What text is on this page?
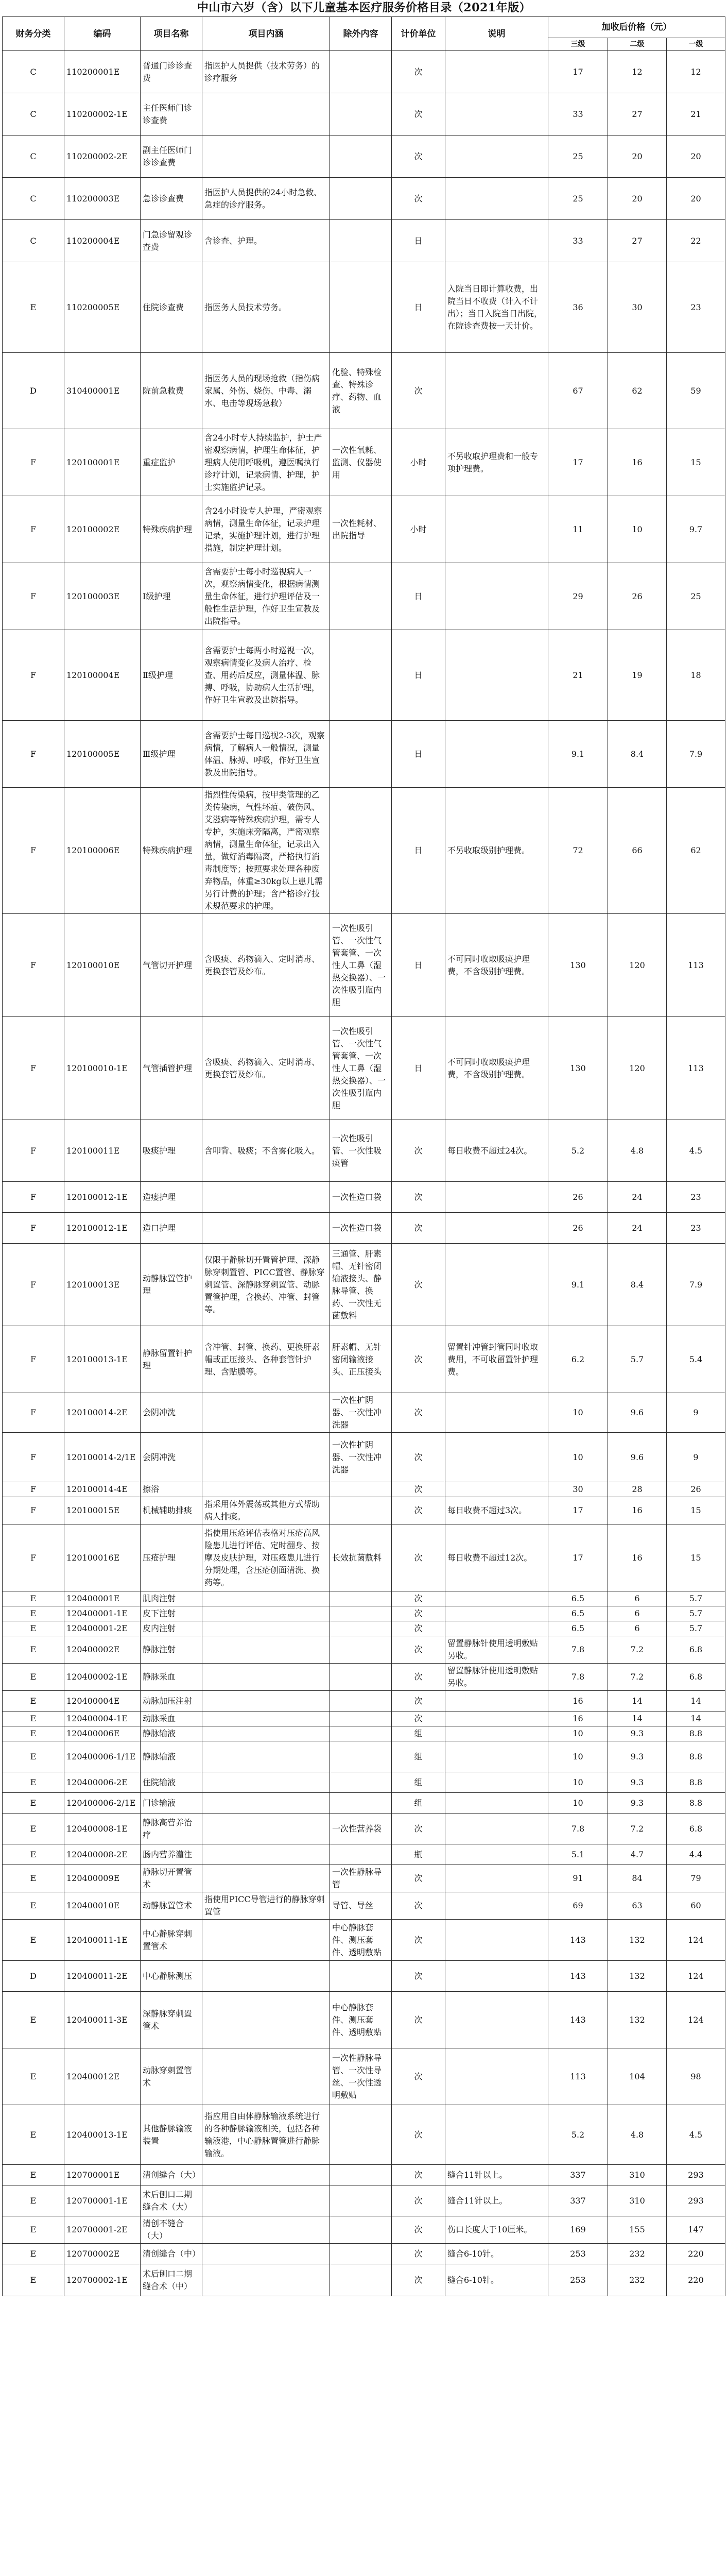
中山市六岁（含）以下儿童基本医疗服务价格目录（2021年版）
财务分类	编码	项目名称	项目内涵	除外内容	计价单位	说明	加收后价格（元）		
							三级	二级	一级
C	110200001E	普通门诊诊查费	指医护人员提供（技术劳务）的诊疗服务		次		17	12	12
C	110200002-1E	主任医师门诊诊查费			次		33	27	21
C	110200002-2E	副主任医师门诊诊查费			次		25	20	20
C	110200003E	急诊诊查费	指医护人员提供的24小时急救、急症的诊疗服务。		次		25	20	20
C	110200004E	门急诊留观诊查费	含诊查、护理。		日		33	27	22
E	110200005E	住院诊查费	指医务人员技术劳务。		日	入院当日即计算收费，出院当日不收费（计入不计出）；当日入院当日出院，在院诊查费按一天计价。	36	30	23
D	310400001E	院前急救费	指医务人员的现场抢救（指伤病家属、外伤、烧伤、中毒、溺水、电击等现场急救）	化验、特殊检查、特殊诊疗、药物、血液	次		67	62	59
F	120100001E	重症监护	含24小时专人持续监护，护士严密观察病情，护理生命体征，护理病人使用呼吸机，遵医嘱执行诊疗计划，记录病情、护理，护士实施监护记录。	一次性氧耗、监测、仪器使用	小时	不另收取护理费和一般专项护理费。	17	16	15
F	120100002E	特殊疾病护理	含24小时设专人护理，严密观察病情，测量生命体征，记录护理记录，实施护理计划，进行护理措施，制定护理计划。	一次性耗材、出院指导	小时		11	10	9.7
F	120100003E	Ⅰ级护理	含需要护士每小时巡视病人一次，观察病情变化，根据病情测量生命体征，进行护理评估及一般性生活护理，作好卫生宣教及出院指导。		日		29	26	25
F	120100004E	Ⅱ级护理	含需要护士每两小时巡视一次，观察病情变化及病人治疗、检查、用药后反应，测量体温、脉搏、呼吸，协助病人生活护理，作好卫生宣教及出院指导。		日		21	19	18
F	120100005E	Ⅲ级护理	含需要护士每日巡视2-3次，观察病情，了解病人一般情况，测量体温、脉搏、呼吸，作好卫生宣教及出院指导。		日		9.1	8.4	7.9
F	120100006E	特殊疾病护理	指烈性传染病，按甲类管理的乙类传染病，气性坏疽、破伤风、艾滋病等特殊疾病护理，需专人专护，实施床旁隔离，严密观察病情，测量生命体征，记录出入量，做好消毒隔离，严格执行消毒制度等；按照要求处理各种废弃物品，体重≥30kg以上患儿需另行计费的护理；含严格诊疗技术规范要求的护理。		日	不另收取级别护理费。	72	66	62
F	120100010E	气管切开护理	含吸痰、药物滴入、定时消毒、更换套管及纱布。	一次性吸引管、一次性气管套管、一次性人工鼻（湿热交换器）、一次性吸引瓶内胆	日	不可同时收取吸痰护理费，不含级别护理费。	130	120	113
F	120100010-1E	气管插管护理	含吸痰、药物滴入、定时消毒、更换套管及纱布。	一次性吸引管、一次性气管套管、一次性人工鼻（湿热交换器）、一次性吸引瓶内胆	日	不可同时收取吸痰护理费，不含级别护理费。	130	120	113
F	120100011E	吸痰护理	含叩背、吸痰；不含雾化吸入。	一次性吸引管、一次性吸痰管	次	每日收费不超过24次。	5.2	4.8	4.5
F	120100012-1E	造瘘护理		一次性造口袋	次		26	24	23
F	120100012-1E	造口护理		一次性造口袋	次		26	24	23
F	120100013E	动静脉置管护理	仅限于静脉切开置管护理、深静脉穿刺置管、PICC置管、静脉穿刺置管、深静脉穿刺置管、动脉置管护理，含换药、冲管、封管等。	三通管、肝素帽、无针密闭输液接头、静脉导管、换药、一次性无菌敷料	次		9.1	8.4	7.9
F	120100013-1E	静脉留置针护理	含冲管、封管、换药、更换肝素帽或正压接头、各种套管针护理、含贴膜等。	肝素帽、无针密闭输液接头、正压接头	次	留置针冲管封管同时收取费用，不可收留置针护理费。	6.2	5.7	5.4
F	120100014-2E	会阴冲洗		一次性扩阴器、一次性冲洗器	次		10	9.6	9
F	120100014-2/1E	会阴冲洗		一次性扩阴器、一次性冲洗器	次		10	9.6	9
F	120100014-4E	擦浴			次		30	28	26
F	120100015E	机械辅助排痰	指采用体外震荡或其他方式帮助病人排痰。		次	每日收费不超过3次。	17	16	15
F	120100016E	压疮护理	指使用压疮评估表格对压疮高风险患儿进行评估、定时翻身、按摩及皮肤护理，对压疮患儿进行分期处理，含压疮创面清洗、换药等。	长效抗菌敷料	次	每日收费不超过12次。	17	16	15
E	120400001E	肌肉注射			次		6.5	6	5.7
E	120400001-1E	皮下注射			次		6.5	6	5.7
E	120400001-2E	皮内注射			次		6.5	6	5.7
E	120400002E	静脉注射			次	留置静脉针使用透明敷贴另收。	7.8	7.2	6.8
E	120400002-1E	静脉采血			次	留置静脉针使用透明敷贴另收。	7.8	7.2	6.8
E	120400004E	动脉加压注射			次		16	14	14
E	120400004-1E	动脉采血			次		16	14	14
E	120400006E	静脉输液			组		10	9.3	8.8
E	120400006-1/1E	静脉输液			组		10	9.3	8.8
E	120400006-2E	住院输液			组		10	9.3	8.8
E	120400006-2/1E	门诊输液			组		10	9.3	8.8
E	120400008-1E	静脉高营养治疗		一次性营养袋	次		7.8	7.2	6.8
E	120400008-2E	肠内营养灌注			瓶		5.1	4.7	4.4
E	120400009E	静脉切开置管术		一次性静脉导管	次		91	84	79
E	120400010E	动静脉置管术	指使用PICC导管进行的静脉穿刺置管	导管、导丝	次		69	63	60
E	120400011-1E	中心静脉穿刺置管术		中心静脉套件、测压套件、透明敷贴	次		143	132	124
D	120400011-2E	中心静脉测压			次		143	132	124
E	120400011-3E	深静脉穿刺置管术		中心静脉套件、测压套件、透明敷贴	次		143	132	124
E	120400012E	动脉穿刺置管术		一次性静脉导管、一次性导丝、一次性透明敷贴	次		113	104	98
E	120400013-1E	其他静脉输液装置	指应用自由体静脉输液系统进行的各种静脉输液相关，包括各种输液港，中心静脉置管进行静脉输液。		次		5.2	4.8	4.5
E	120700001E	清创缝合（大）			次	缝合11针以上。	337	310	293
E	120700001-1E	术后刨口二期缝合术（大）			次	缝合11针以上。	337	310	293
E	120700001-2E	清创不缝合（大）			次	伤口长度大于10厘米。	169	155	147
E	120700002E	清创缝合（中）			次	缝合6-10针。	253	232	220
E	120700002-1E	术后刨口二期缝合术（中）			次	缝合6-10针。	253	232	220
